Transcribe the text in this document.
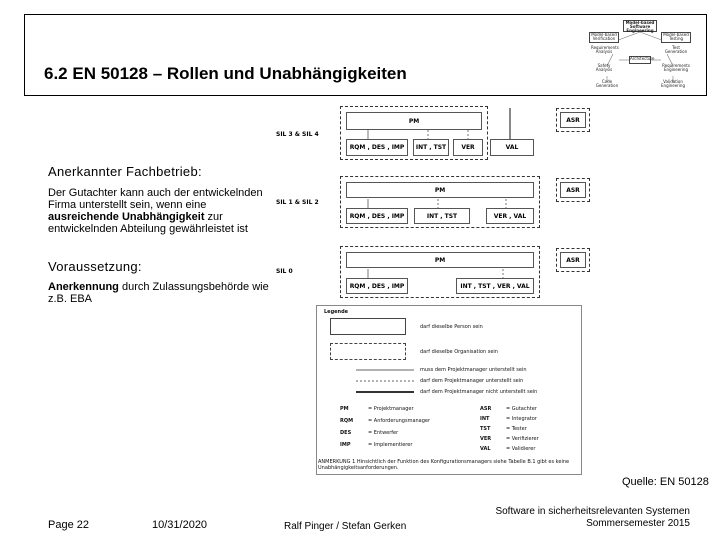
6.2 EN 50128 – Rollen und Unabhängigkeiten
Model-based Software Engineering
Model-based Verification
Model-based Testing
Requirements Analysis
Test Generation
Architecture
Safety Analysis
Requirements Engineering
Code Generation
Validation Engineering
Anerkannter Fachbetrieb:
Der Gutachter kann auch der entwickelnden Firma unterstellt sein, wenn eine ausreichende Unabhängigkeit zur entwickelnden Abteilung gewährleistet ist
Voraussetzung:
Anerkennung durch Zulassungsbehörde wie z.B. EBA
SIL 3 & SIL 4
SIL 1 & SIL 2
SIL 0
PM
RQM , DES , IMP	INT , TST	VER	VAL
ASR
PM
RQM , DES , IMP	INT , TST	VER , VAL
ASR
PM
RQM , DES , IMP	INT , TST , VER , VAL
ASR
Legende
darf dieselbe Person sein
darf dieselbe Organisation sein
muss dem Projektmanager unterstellt sein
darf dem Projektmanager unterstellt sein
darf dem Projektmanager nicht unterstellt sein
PM	= Projektmanager
RQM	= Anforderungsmanager
DES	= Entwerfer
IMP	= Implementierer
ASR	= Gutachter
INT	= Integrator
TST	= Tester
VER	= Verifizierer
VAL	= Validierer
ANMERKUNG 1 Hinsichtlich der Funktion des Konfigurationsmanagers siehe Tabelle B.1 gibt es keine Unabhängigkeitsanforderungen.
Quelle: EN 50128
Page 22	10/31/2020	Ralf Pinger / Stefan Gerken
Software in sicherheitsrelevanten Systemen
Sommersemester 2015
